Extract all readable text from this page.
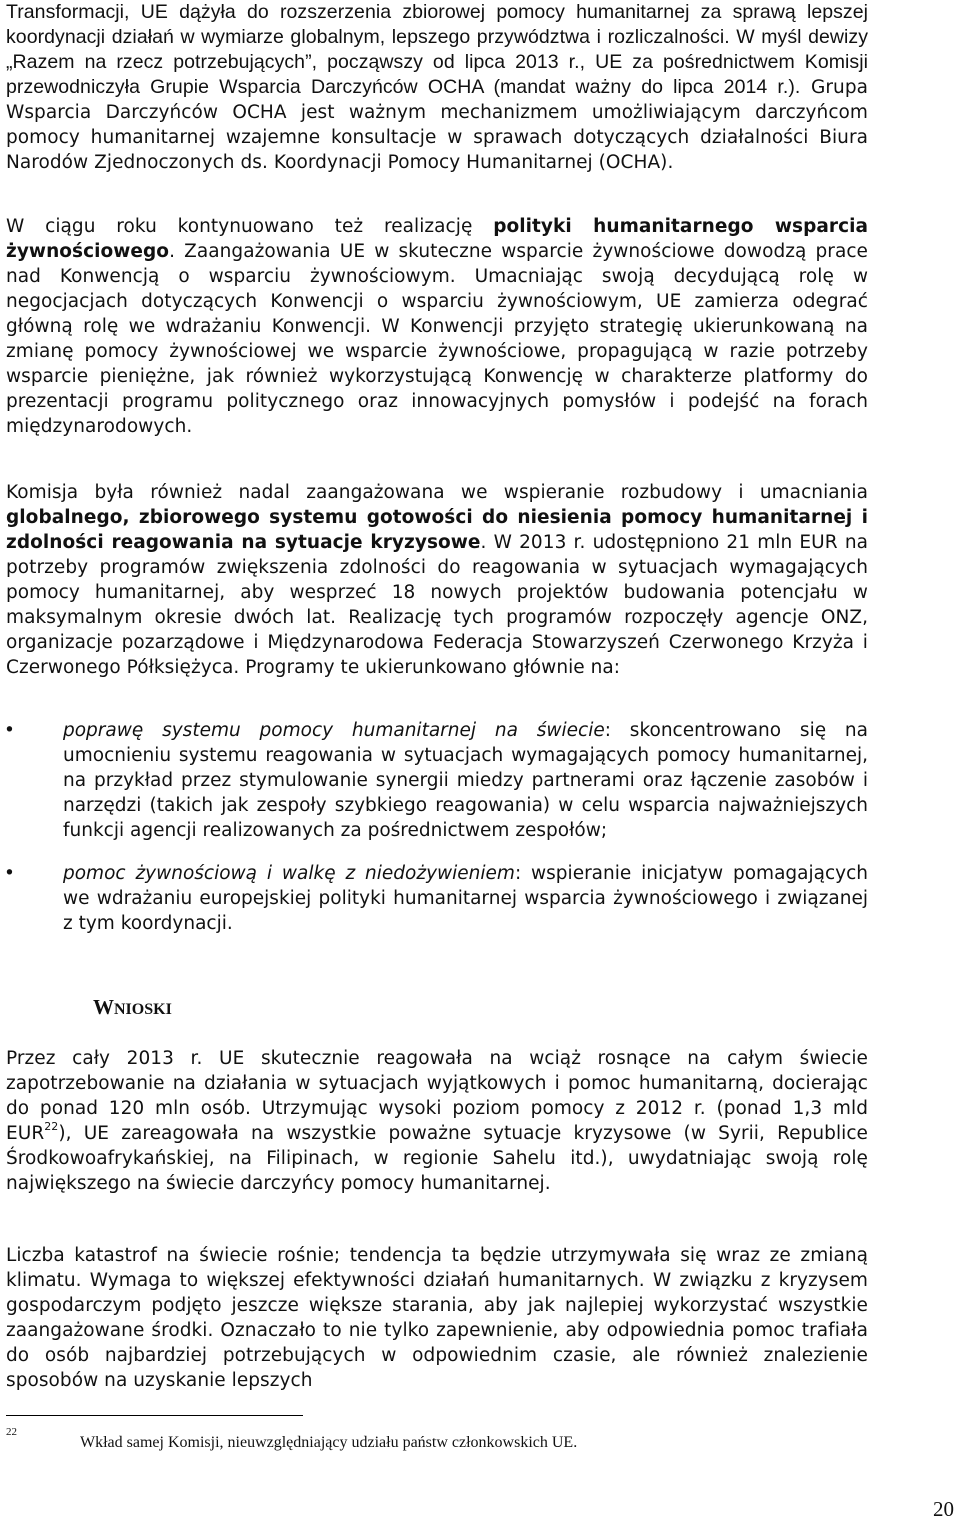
Transformacji, UE dążyła do rozszerzenia zbiorowej pomocy humanitarnej za sprawą lepszej koordynacji działań w wymiarze globalnym, lepszego przywództwa i rozliczalności. W myśl dewizy „Razem na rzecz potrzebujących”, począwszy od lipca 2013 r., UE za pośrednictwem Komisji przewodniczyła Grupie Wsparcia Darczyńców OCHA (mandat ważny do lipca 2014 r.). Grupa Wsparcia Darczyńców OCHA jest ważnym mechanizmem umożliwiającym darczyńcom pomocy humanitarnej wzajemne konsultacje w sprawach dotyczących działalności Biura Narodów Zjednoczonych ds. Koordynacji Pomocy Humanitarnej (OCHA).

W ciągu roku kontynuowano też realizację polityki humanitarnego wsparcia żywnościowego. Zaangażowania UE w skuteczne wsparcie żywnościowe dowodzą prace nad Konwencją o wsparciu żywnościowym. Umacniając swoją decydującą rolę w negocjacjach dotyczących Konwencji o wsparciu żywnościowym, UE zamierza odegrać główną rolę we wdrażaniu Konwencji. W Konwencji przyjęto strategię ukierunkowaną na zmianę pomocy żywnościowej we wsparcie żywnościowe, propagującą w razie potrzeby wsparcie pieniężne, jak również wykorzystującą Konwencję w charakterze platformy do prezentacji programu politycznego oraz innowacyjnych pomysłów i podejść na forach międzynarodowych.

Komisja była również nadal zaangażowana we wspieranie rozbudowy i umacniania globalnego, zbiorowego systemu gotowości do niesienia pomocy humanitarnej i zdolności reagowania na sytuacje kryzysowe. W 2013 r. udostępniono 21 mln EUR na potrzeby programów zwiększenia zdolności do reagowania w sytuacjach wymagających pomocy humanitarnej, aby wesprzeć 18 nowych projektów budowania potencjału w maksymalnym okresie dwóch lat. Realizację tych programów rozpoczęły agencje ONZ, organizacje pozarządowe i Międzynarodowa Federacja Stowarzyszeń Czerwonego Krzyża i Czerwonego Półksiężyca. Programy te ukierunkowano głównie na:

•	poprawę systemu pomocy humanitarnej na świecie: skoncentrowano się na umocnieniu systemu reagowania w sytuacjach wymagających pomocy humanitarnej, na przykład przez stymulowanie synergii miedzy partnerami oraz łączenie zasobów i narzędzi (takich jak zespoły szybkiego reagowania) w celu wsparcia najważniejszych funkcji agencji realizowanych za pośrednictwem zespołów;
•	pomoc żywnościową i walkę z niedożywieniem: wspieranie inicjatyw pomagających we wdrażaniu europejskiej polityki humanitarnej wsparcia żywnościowego i związanej z tym koordynacji.
WNIOSKI

Przez cały 2013 r. UE skutecznie reagowała na wciąż rosnące na całym świecie zapotrzebowanie na działania w sytuacjach wyjątkowych i pomoc humanitarną, docierając do ponad 120 mln osób. Utrzymując wysoki poziom pomocy z 2012 r. (ponad 1,3 mld EUR$^{22}$), UE zareagowała na wszystkie poważne sytuacje kryzysowe (w Syrii, Republice Środkowoafrykańskiej, na Filipinach, w regionie Sahelu itd.), uwydatniając swoją rolę największego na świecie darczyńcy pomocy humanitarnej.

Liczba katastrof na świecie rośnie; tendencja ta będzie utrzymywała się wraz ze zmianą klimatu. Wymaga to większej efektywności działań humanitarnych. W związku z kryzysem gospodarczym podjęto jeszcze większe starania, aby jak najlepiej wykorzystać wszystkie zaangażowane środki. Oznaczało to nie tylko zapewnienie, aby odpowiednia pomoc trafiała do osób najbardziej potrzebujących w odpowiednim czasie, ale również znalezienie sposobów na uzyskanie lepszych

22
Wkład samej Komisji, nieuwzględniający udziału państw członkowskich UE.
20
